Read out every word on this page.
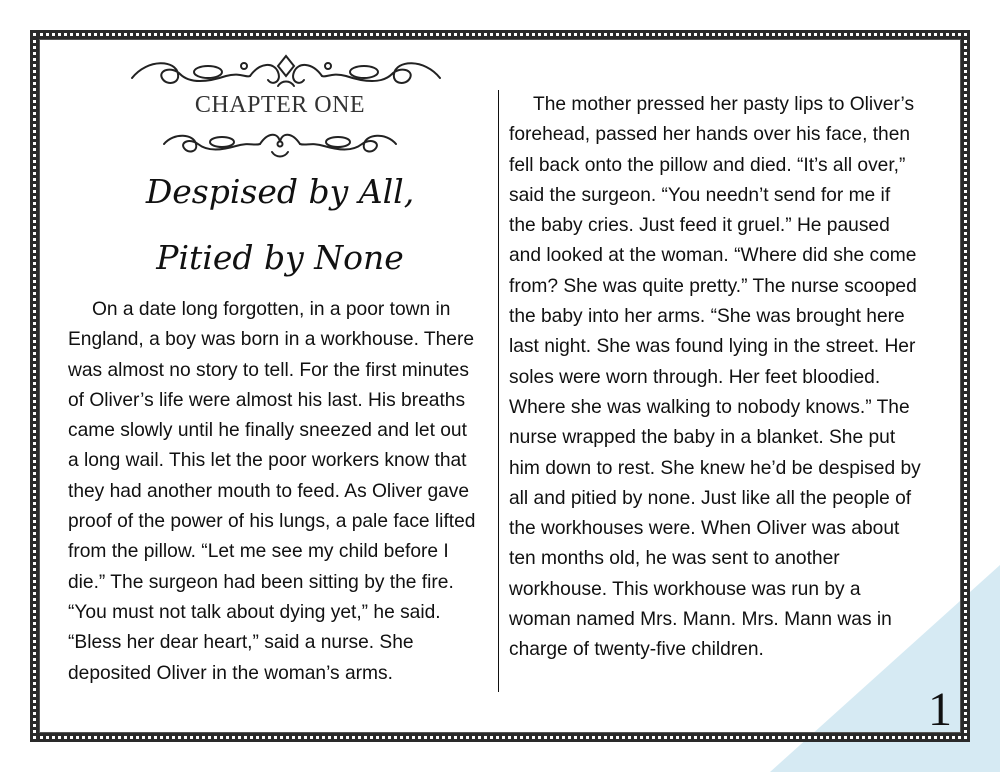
CHAPTER ONE
Despised by All,
Pitied by None
On a date long forgotten, in a poor town in
England, a boy was born in a workhouse. There
was almost no story to tell. For the first minutes
of Oliver’s life were almost his last. His breaths
came slowly until he finally sneezed and let out
a long wail. This let the poor workers know that
they had another mouth to feed. As Oliver gave
proof of the power of his lungs, a pale face lifted
from the pillow. “Let me see my child before I
die.” The surgeon had been sitting by the fire.
“You must not talk about dying yet,” he said.
“Bless her dear heart,” said a nurse. She
deposited Oliver in the woman’s arms.
The mother pressed her pasty lips to Oliver’s
forehead, passed her hands over his face, then
fell back onto the pillow and died. “It’s all over,”
said the surgeon. “You needn’t send for me if
the baby cries. Just feed it gruel.” He paused
and looked at the woman. “Where did she come
from? She was quite pretty.” The nurse scooped
the baby into her arms. “She was brought here
last night. She was found lying in the street. Her
soles were worn through. Her feet bloodied.
Where she was walking to nobody knows.” The
nurse wrapped the baby in a blanket. She put
him down to rest. She knew he’d be despised by
all and pitied by none. Just like all the people of
the workhouses were. When Oliver was about
ten months old, he was sent to another
workhouse. This workhouse was run by a
woman named Mrs. Mann. Mrs. Mann was in
charge of twenty-five children.
1
